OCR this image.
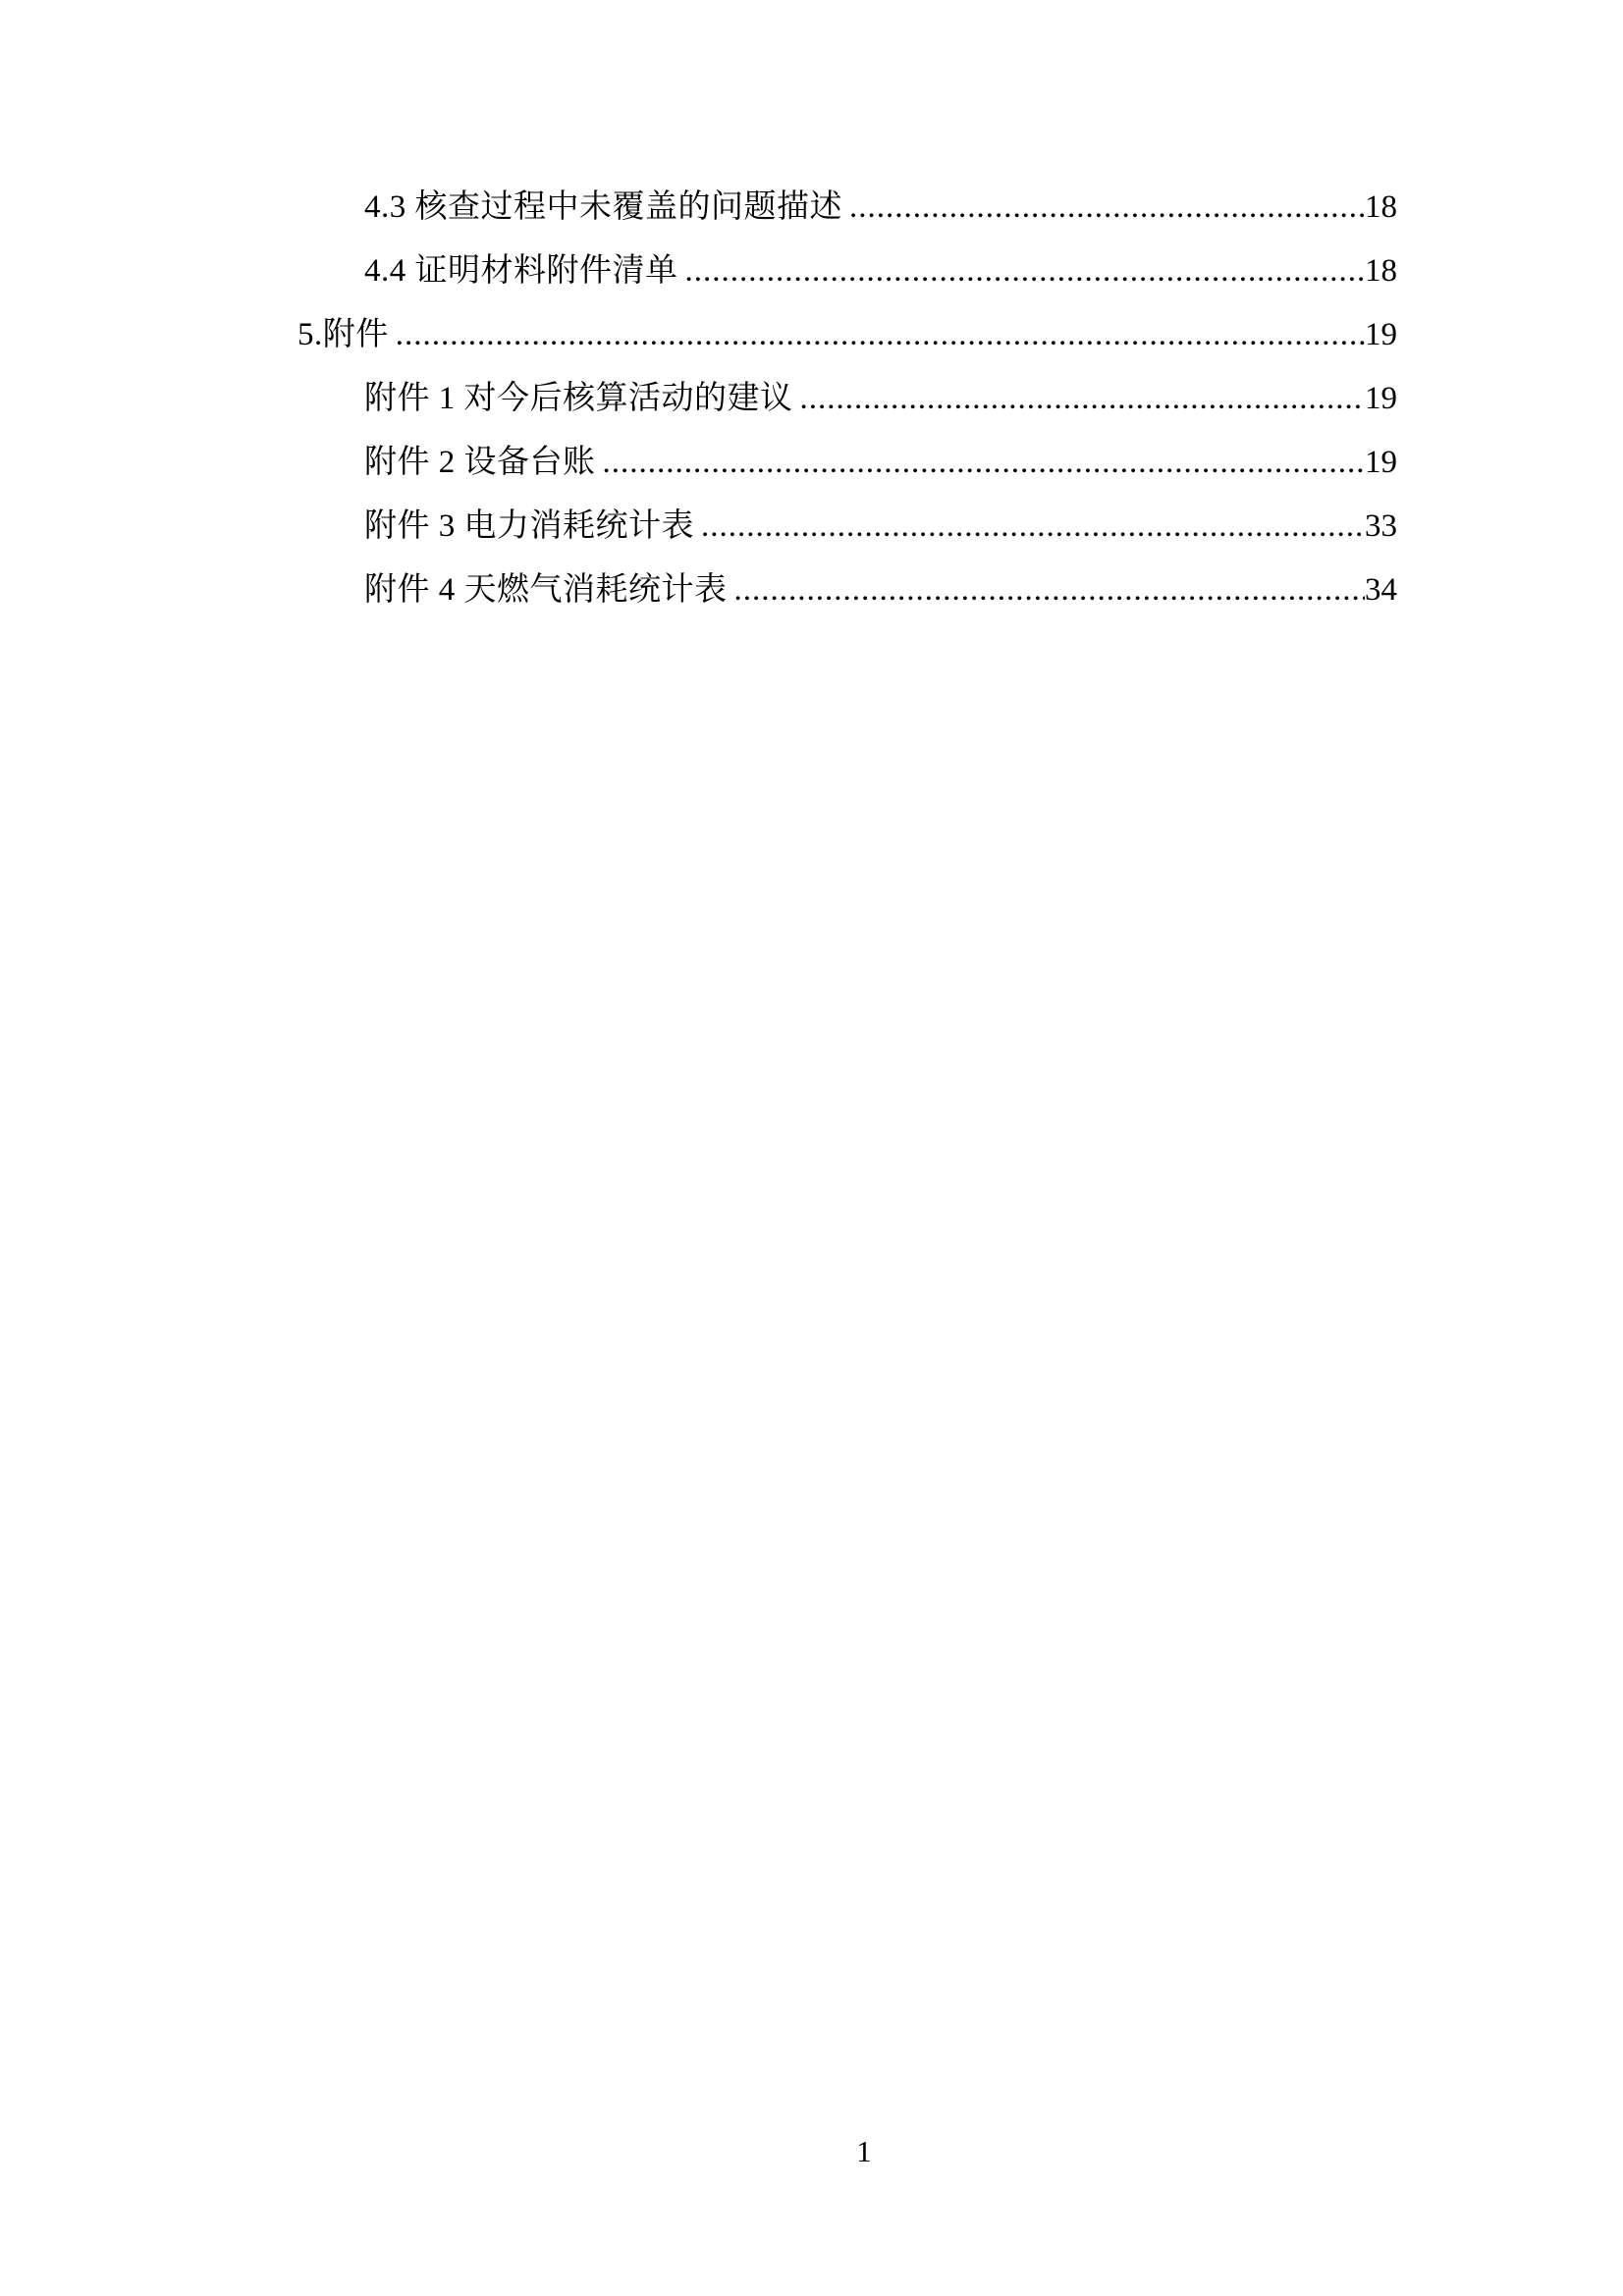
4.3 核查过程中未覆盖的问题描述 .....	18
4.4 证明材料附件清单 .....	18
5.附件 .....	19
附件 1 对今后核算活动的建议 .....	19
附件 2 设备台账 .....	19
附件 3 电力消耗统计表 .....	33
附件 4 天燃气消耗统计表 .....	34
1
